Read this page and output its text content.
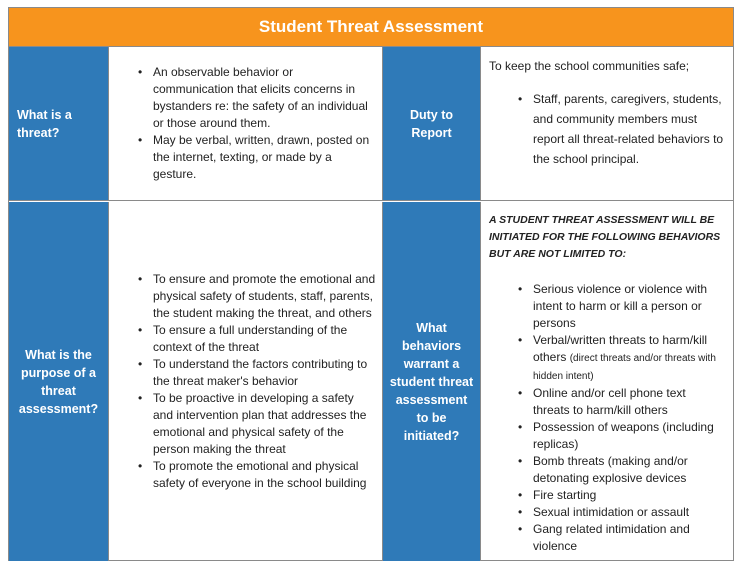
Student Threat Assessment
What is a threat?
• An observable behavior or communication that elicits concerns in bystanders re: the safety of an individual or those around them.
• May be verbal, written, drawn, posted on the internet, texting, or made by a gesture.
Duty to Report
To keep the school communities safe;
• Staff, parents, caregivers, students, and community members must report all threat-related behaviors to the school principal.
What is the purpose of a threat assessment?
• To ensure and promote the emotional and physical safety of students, staff, parents, the student making the threat, and others
• To ensure a full understanding of the context of the threat
• To understand the factors contributing to the threat maker's behavior
• To be proactive in developing a safety and intervention plan that addresses the emotional and physical safety of the person making the threat
• To promote the emotional and physical safety of everyone in the school building
What behaviors warrant a student threat assessment to be initiated?
A STUDENT THREAT ASSESSMENT WILL BE INITIATED FOR THE FOLLOWING BEHAVIORS BUT ARE NOT LIMITED TO:
• Serious violence or violence with intent to harm or kill a person or persons
• Verbal/written threats to harm/kill others (direct threats and/or threats with hidden intent)
• Online and/or cell phone text threats to harm/kill others
• Possession of weapons (including replicas)
• Bomb threats (making and/or detonating explosive devices
• Fire starting
• Sexual intimidation or assault
• Gang related intimidation and violence
